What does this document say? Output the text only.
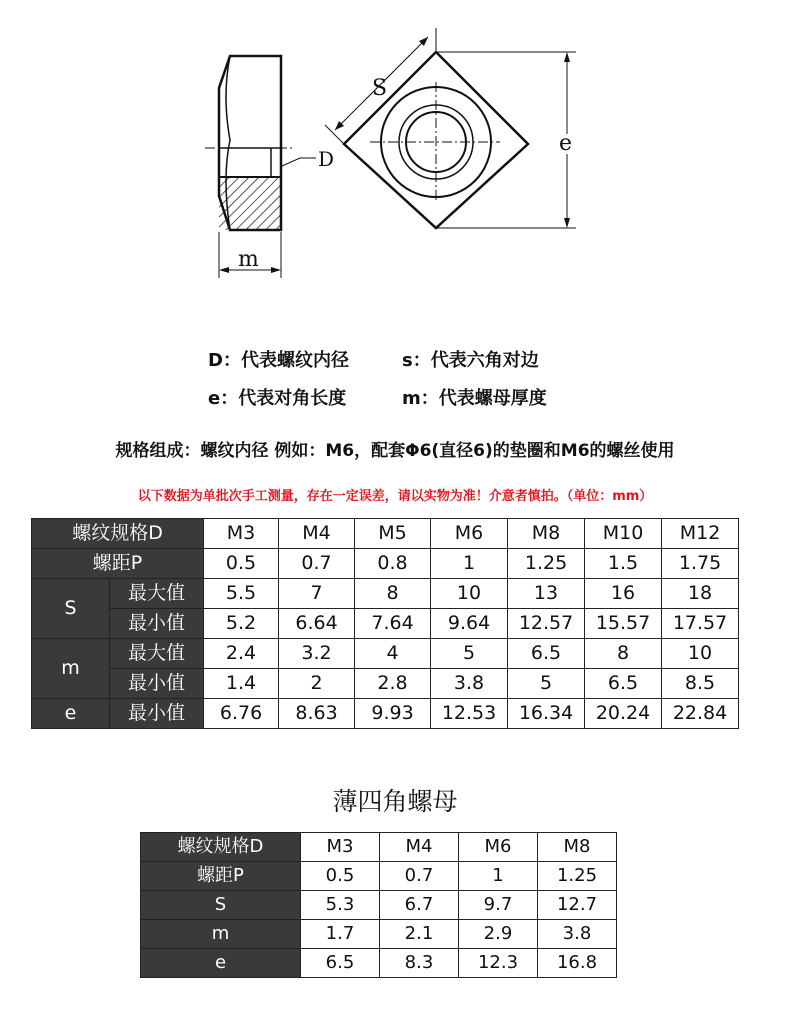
D
m
S
e
D：代表螺纹内径	s：代表六角对边
e：代表对角长度	m：代表螺母厚度
规格组成：螺纹内径 例如：M6，配套Φ6(直径6)的垫圈和M6的螺丝使用
以下数据为单批次手工测量，存在一定误差，请以实物为准！介意者慎拍。（单位：mm）
螺纹规格D		M3	M4	M5	M6	M8	M10	M12
螺距P		0.5	0.7	0.8	1	1.25	1.5	1.75
S	最大值	5.5	7	8	10	13	16	18
	最小值	5.2	6.64	7.64	9.64	12.57	15.57	17.57
m	最大值	2.4	3.2	4	5	6.5	8	10
	最小值	1.4	2	2.8	3.8	5	6.5	8.5
e	最小值	6.76	8.63	9.93	12.53	16.34	20.24	22.84
薄四角螺母
螺纹规格D	M3	M4	M6	M8
螺距P	0.5	0.7	1	1.25
S	5.3	6.7	9.7	12.7
m	1.7	2.1	2.9	3.8
e	6.5	8.3	12.3	16.8
